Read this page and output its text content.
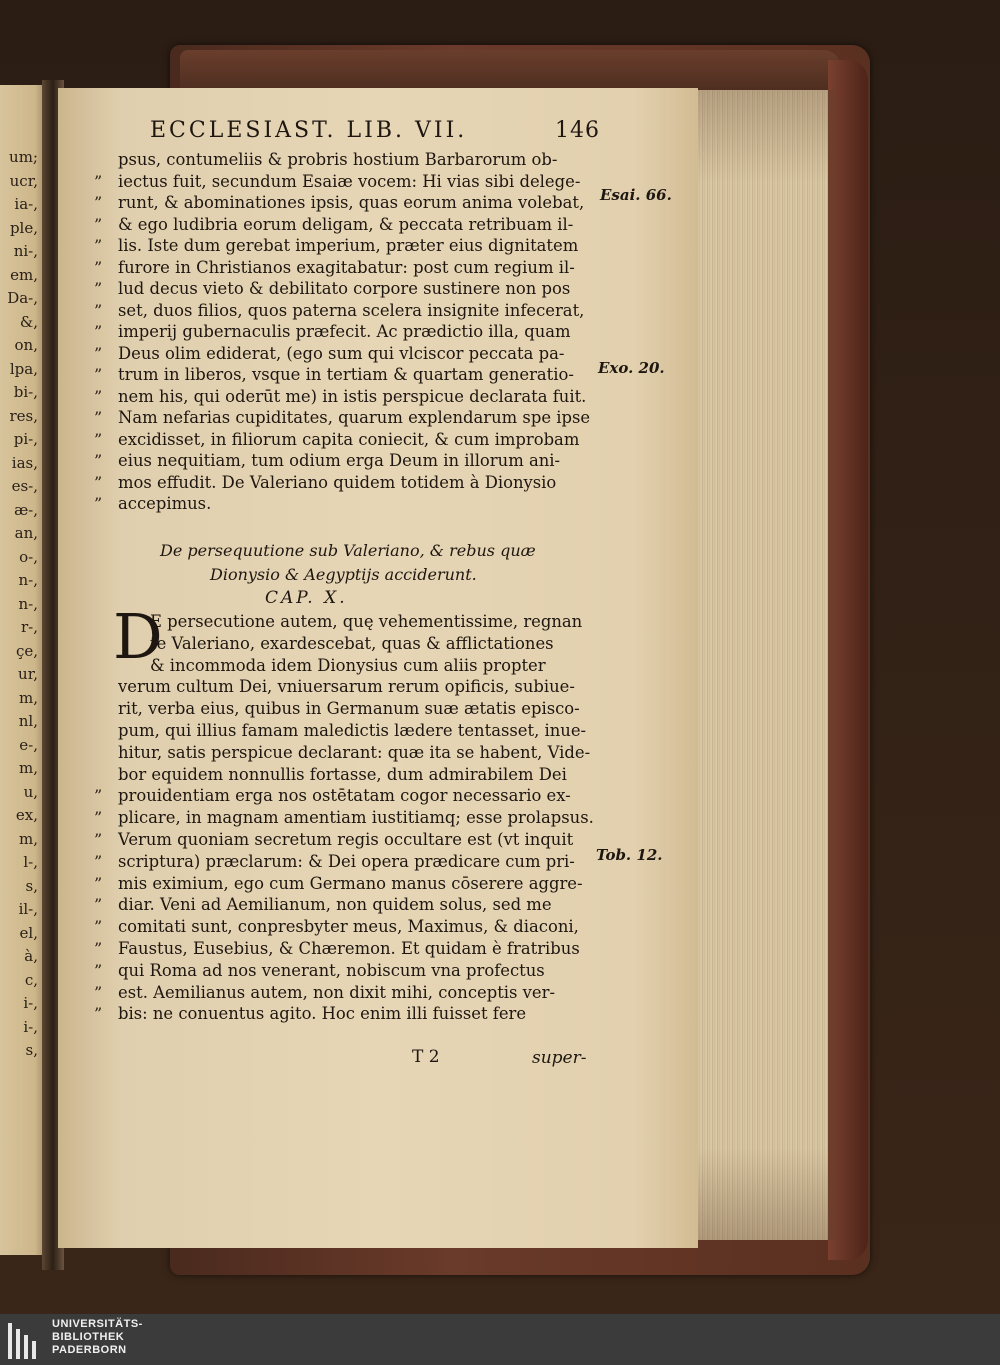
ECCLESIAST. LIB. VII.	146
psus, contumeliis & probris hostium Barbarorum ob-
iectus fuit, secundum Esaiæ vocem: Hi vias sibi delege-
”
runt, & abominationes ipsis, quas eorum anima volebat,
”
& ego ludibria eorum deligam, & peccata retribuam il-
”
lis. Iste dum gerebat imperium, præter eius dignitatem
”
furore in Christianos exagitabatur: post cum regium il-
”
lud decus vieto & debilitato corpore sustinere non pos
”
set, duos filios, quos paterna scelera insignite infecerat,
”
imperij gubernaculis præfecit. Ac prædictio illa, quam
”
Deus olim ediderat, (ego sum qui vlciscor peccata pa-
”
trum in liberos, vsque in tertiam & quartam generatio-
”
nem his, qui oderūt me) in istis perspicue declarata fuit.
”
Nam nefarias cupiditates, quarum explendarum spe ipse
”
excidisset, in filiorum capita coniecit, & cum improbam
”
eius nequitiam, tum odium erga Deum in illorum ani-
”
mos effudit. De Valeriano quidem totidem à Dionysio
”
accepimus.
”
De persequutione sub Valeriano, & rebus quæ
Dionysio & Aegyptijs acciderunt.
CAP. X.
D
E persecutione autem, quę vehementissime, regnan
te Valeriano, exardescebat, quas & afflictationes
& incommoda idem Dionysius cum aliis propter
verum cultum Dei, vniuersarum rerum opificis, subiue-
rit, verba eius, quibus in Germanum suæ ætatis episco-
pum, qui illius famam maledictis lædere tentasset, inue-
hitur, satis perspicue declarant: quæ ita se habent, Vide-
bor equidem nonnullis fortasse, dum admirabilem Dei
prouidentiam erga nos ostētatam cogor necessario ex-
”
plicare, in magnam amentiam iustitiamq; esse prolapsus.
”
Verum quoniam secretum regis occultare est (vt inquit
”
scriptura) præclarum: & Dei opera prædicare cum pri-
”
mis eximium, ego cum Germano manus cōserere aggre-
”
diar. Veni ad Aemilianum, non quidem solus, sed me
”
comitati sunt, conpresbyter meus, Maximus, & diaconi,
”
Faustus, Eusebius, & Chæremon. Et quidam è fratribus
”
qui Roma ad nos venerant, nobiscum vna profectus
”
est. Aemilianus autem, non dixit mihi, conceptis ver-
”
bis: ne conuentus agito. Hoc enim illi fuisset fere
”
Esai. 66.
Exo. 20.
Tob. 12.
T 2	super-
um;
ucr,
ia-,
ple,
ni-,
em,
Da-,
&,
on,
lpa,
bi-,
res,
pi-,
ias,
es-,
æ-,
an,
o-,
n-,
n-,
r-,
çe,
ur,
m,
nl,
e-,
m,
u,
ex,
m,
l-,
s,
il-,
el,
à,
c,
i-,
i-,
s,
UNIVERSITÄTS-
BIBLIOTHEK
PADERBORN
